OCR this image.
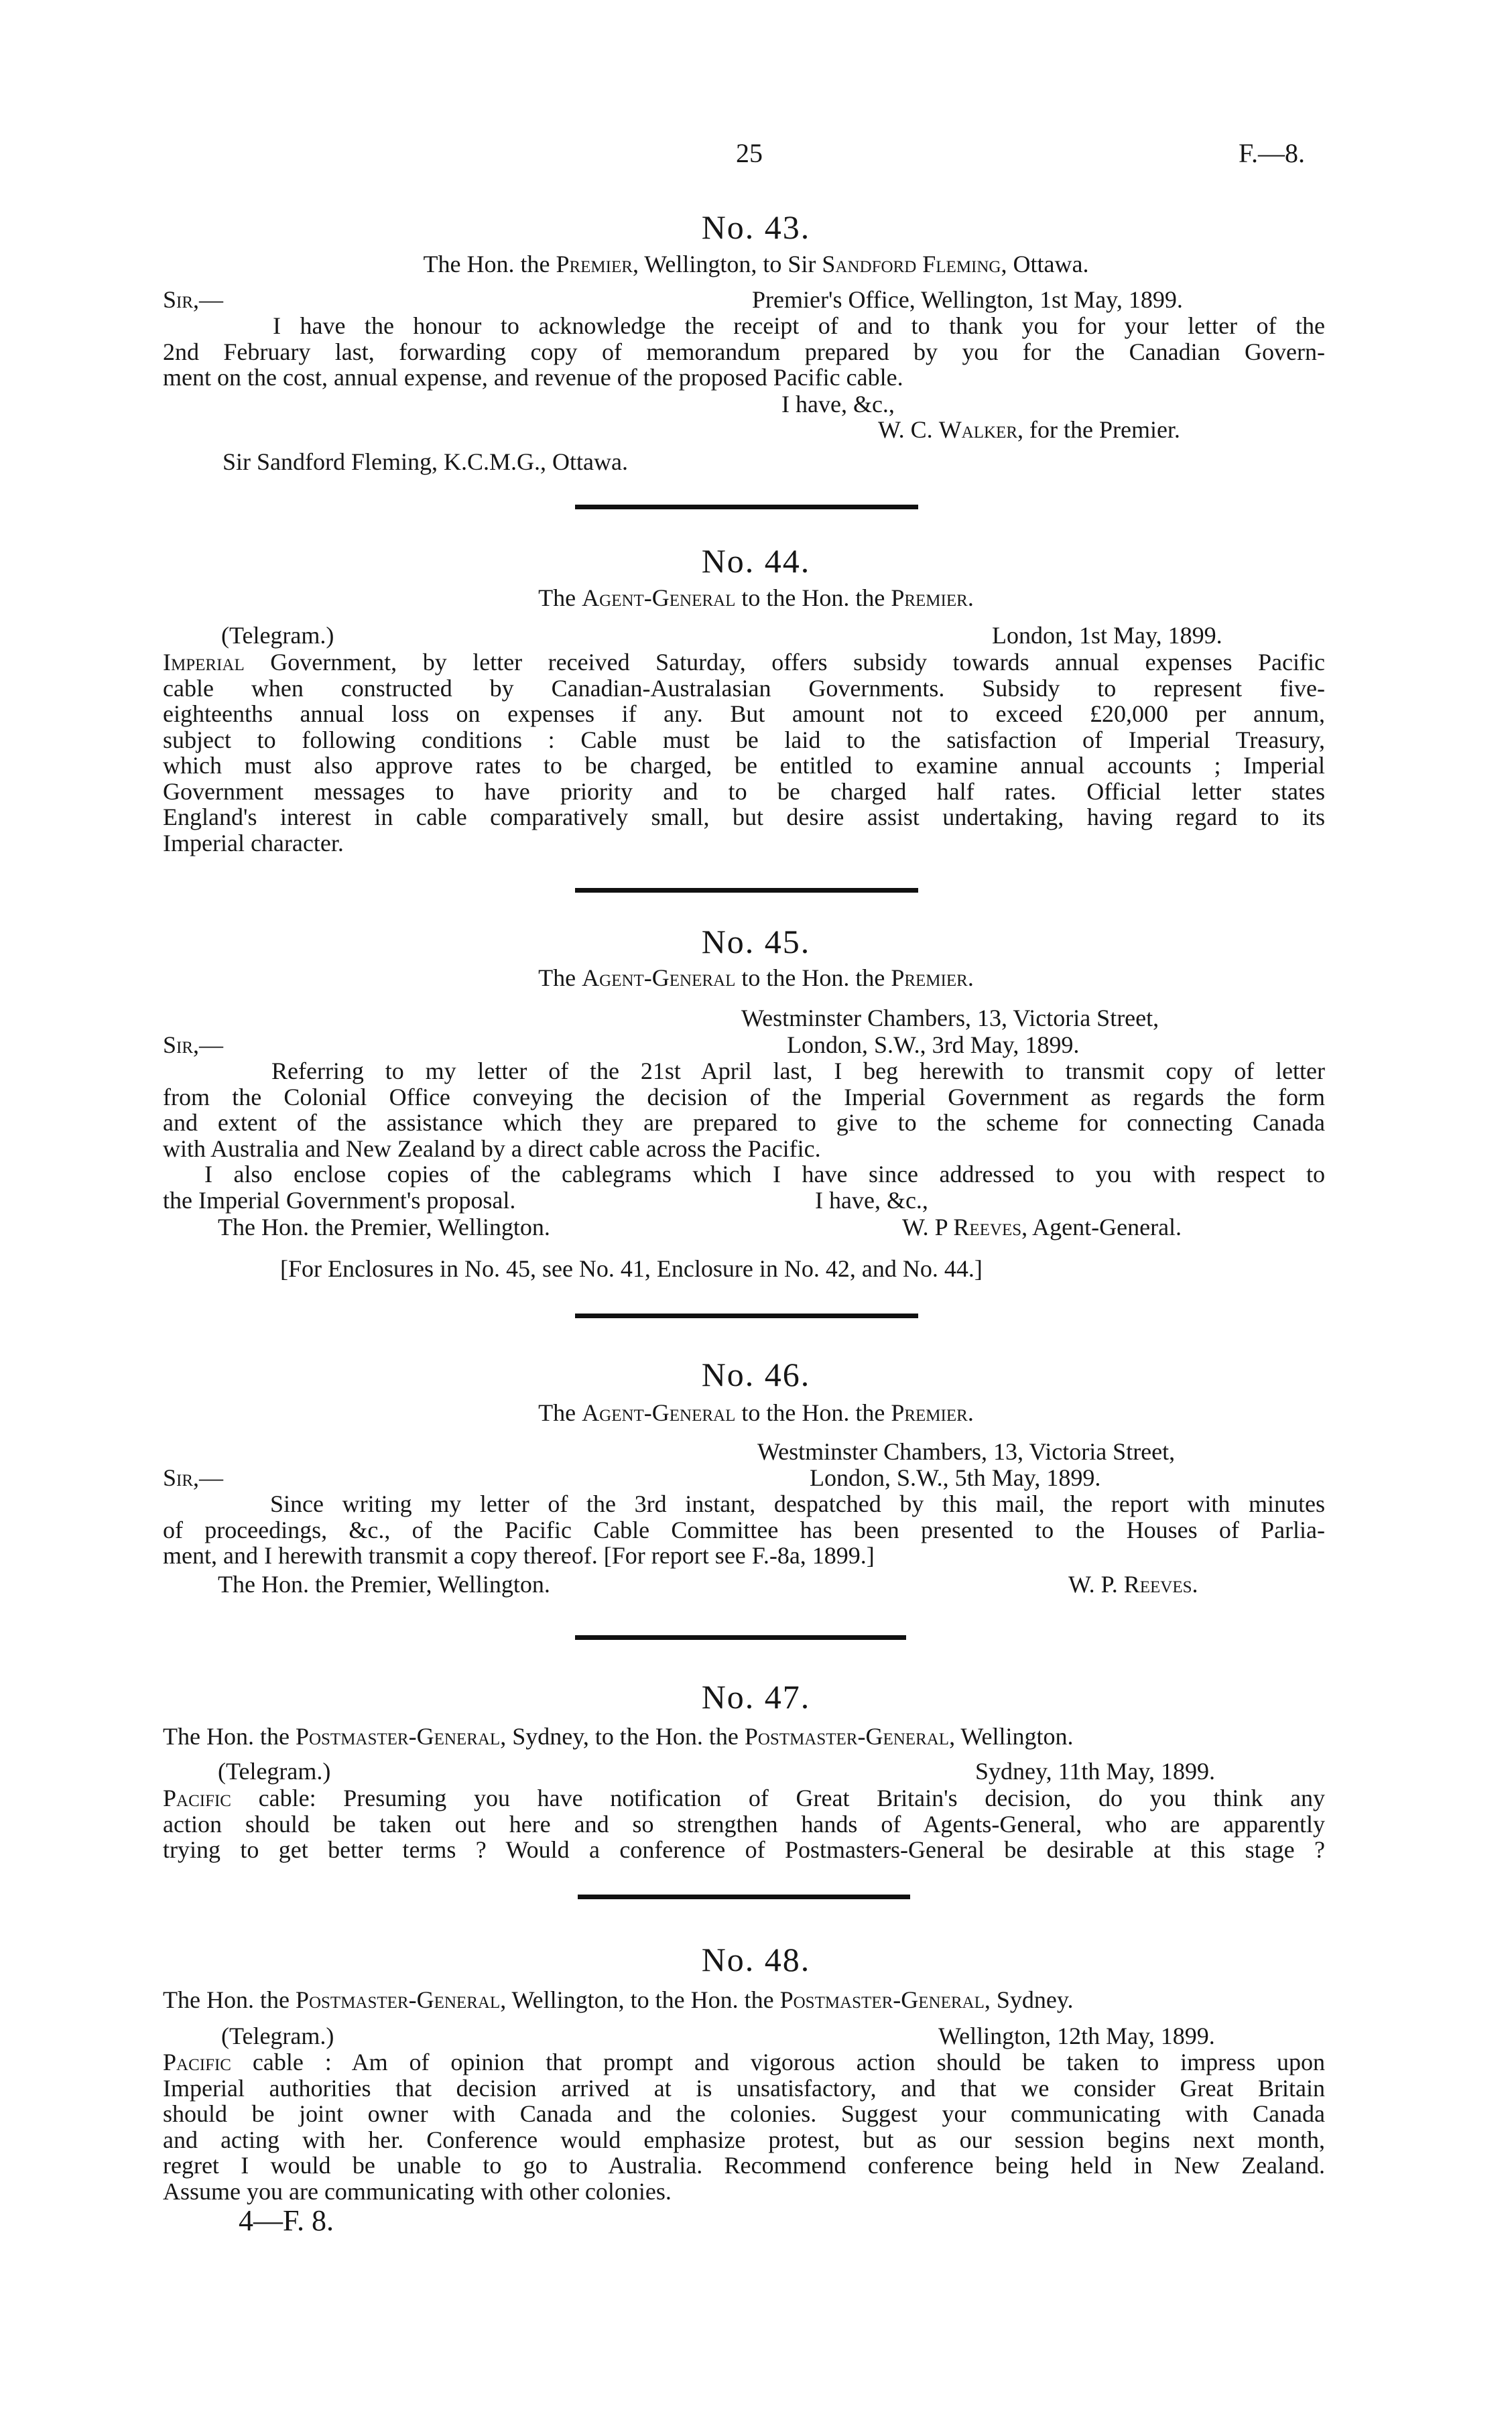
25	F.—8.
No. 43.
The Hon. the Premier, Wellington, to Sir Sandford Fleming, Ottawa.
Sir,—	Premier's Office, Wellington, 1st May, 1899.
I have the honour to acknowledge the receipt of and to thank you for your letter of the
2nd February last, forwarding copy of memorandum prepared by you for the Canadian Govern-
ment on the cost, annual expense, and revenue of the proposed Pacific cable.
I have, &c.,
W. C. Walker, for the Premier.
Sir Sandford Fleming, K.C.M.G., Ottawa.
No. 44.
The Agent-General to the Hon. the Premier.
(Telegram.)	London, 1st May, 1899.
Imperial Government, by letter received Saturday, offers subsidy towards annual expenses Pacific
cable when constructed by Canadian-Australasian Governments. Subsidy to represent five-
eighteenths annual loss on expenses if any. But amount not to exceed £20,000 per annum,
subject to following conditions : Cable must be laid to the satisfaction of Imperial Treasury,
which must also approve rates to be charged, be entitled to examine annual accounts ; Imperial
Government messages to have priority and to be charged half rates. Official letter states
England's interest in cable comparatively small, but desire assist undertaking, having regard to its
Imperial character.
No. 45.
The Agent-General to the Hon. the Premier.
Westminster Chambers, 13, Victoria Street,
Sir,—	London, S.W., 3rd May, 1899.
Referring to my letter of the 21st April last, I beg herewith to transmit copy of letter
from the Colonial Office conveying the decision of the Imperial Government as regards the form
and extent of the assistance which they are prepared to give to the scheme for connecting Canada
with Australia and New Zealand by a direct cable across the Pacific.
I also enclose copies of the cablegrams which I have since addressed to you with respect to
the Imperial Government's proposal.	I have, &c.,
The Hon. the Premier, Wellington.	W. P Reeves, Agent-General.
[For Enclosures in No. 45, see No. 41, Enclosure in No. 42, and No. 44.]
No. 46.
The Agent-General to the Hon. the Premier.
Westminster Chambers, 13, Victoria Street,
Sir,—	London, S.W., 5th May, 1899.
Since writing my letter of the 3rd instant, despatched by this mail, the report with minutes
of proceedings, &c., of the Pacific Cable Committee has been presented to the Houses of Parlia-
ment, and I herewith transmit a copy thereof. [For report see F.-8a, 1899.]
The Hon. the Premier, Wellington.	W. P. Reeves.
No. 47.
The Hon. the Postmaster-General, Sydney, to the Hon. the Postmaster-General, Wellington.
(Telegram.)	Sydney, 11th May, 1899.
Pacific cable: Presuming you have notification of Great Britain's decision, do you think any
action should be taken out here and so strengthen hands of Agents-General, who are apparently
trying to get better terms ? Would a conference of Postmasters-General be desirable at this stage ?
No. 48.
The Hon. the Postmaster-General, Wellington, to the Hon. the Postmaster-General, Sydney.
(Telegram.)	Wellington, 12th May, 1899.
Pacific cable : Am of opinion that prompt and vigorous action should be taken to impress upon
Imperial authorities that decision arrived at is unsatisfactory, and that we consider Great Britain
should be joint owner with Canada and the colonies. Suggest your communicating with Canada
and acting with her. Conference would emphasize protest, but as our session begins next month,
regret I would be unable to go to Australia. Recommend conference being held in New Zealand.
Assume you are communicating with other colonies.
4—F. 8.
